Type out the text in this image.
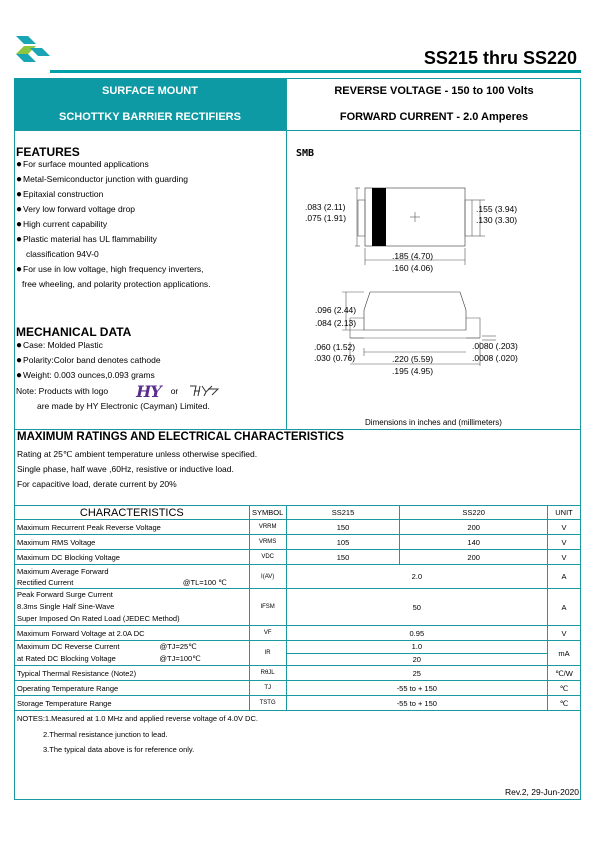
SS215 thru SS220
SURFACE MOUNT
SCHOTTKY BARRIER RECTIFIERS
REVERSE VOLTAGE - 150 to 100 Volts
FORWARD CURRENT - 2.0 Amperes
FEATURES
●For surface mounted applications
●Metal-Semiconductor junction with guarding
●Epitaxial construction
●Very low forward voltage drop
●High current capability
●Plastic material has UL flammability
classification 94V-0
●For use in low voltage, high frequency inverters,
free wheeling, and polarity protection applications.
MECHANICAL DATA
●Case: Molded Plastic
●Polarity:Color band denotes cathode
●Weight: 0.003 ounces,0.093 grams
Note: Products with logo HY or
are made by HY Electronic (Cayman) Limited.
SMB
.083 (2.11)
.075 (1.91)
.155 (3.94)
.130 (3.30)
.185 (4.70)
.160 (4.06)
.096 (2.44)
.084 (2.13)
.0080 (.203)
.0008 (.020)
.060 (1.52)
.030 (0.76)	.220 (5.59)
.195 (4.95)
Dimensions in inches and (millimeters)
MAXIMUM RATINGS AND ELECTRICAL CHARACTERISTICS
Rating at 25℃ ambient temperature unless otherwise specified.
Single phase, half wave ,60Hz, resistive or inductive load.
For capacitive load, derate current by 20%
CHARACTERISTICS	SYMBOL	SS215	SS220	UNIT
Maximum Recurrent Peak Reverse Voltage	VRRM	150	200	V
Maximum RMS Voltage	VRMS	105	140	V
Maximum DC Blocking Voltage	VDC	150	200	V

Maximum Average Forward
Rectified Current @TL=100 ℃	I(AV)	2.0		A

Peak Forward Surge Current
8.3ms Single Half Sine-Wave
Super Imposed On Rated Load (JEDEC Method)	IFSM	50		A
Maximum Forward Voltage at 2.0A DC	VF	0.95		V

Maximum DC Reverse Current @TJ=25℃
at Rated DC Blocking Voltage @TJ=100℃	IR	1.0		mA
		20		
Typical Thermal Resistance (Note2)	RθJL	25		℃/W
Operating Temperature Range	TJ	-55 to + 150		℃
Storage Temperature Range	TSTG	-55 to + 150		℃
NOTES:1.Measured at 1.0 MHz and applied reverse voltage of 4.0V DC.
2.Thermal resistance junction to lead.
3.The typical data above is for reference only.
Rev.2, 29-Jun-2020
